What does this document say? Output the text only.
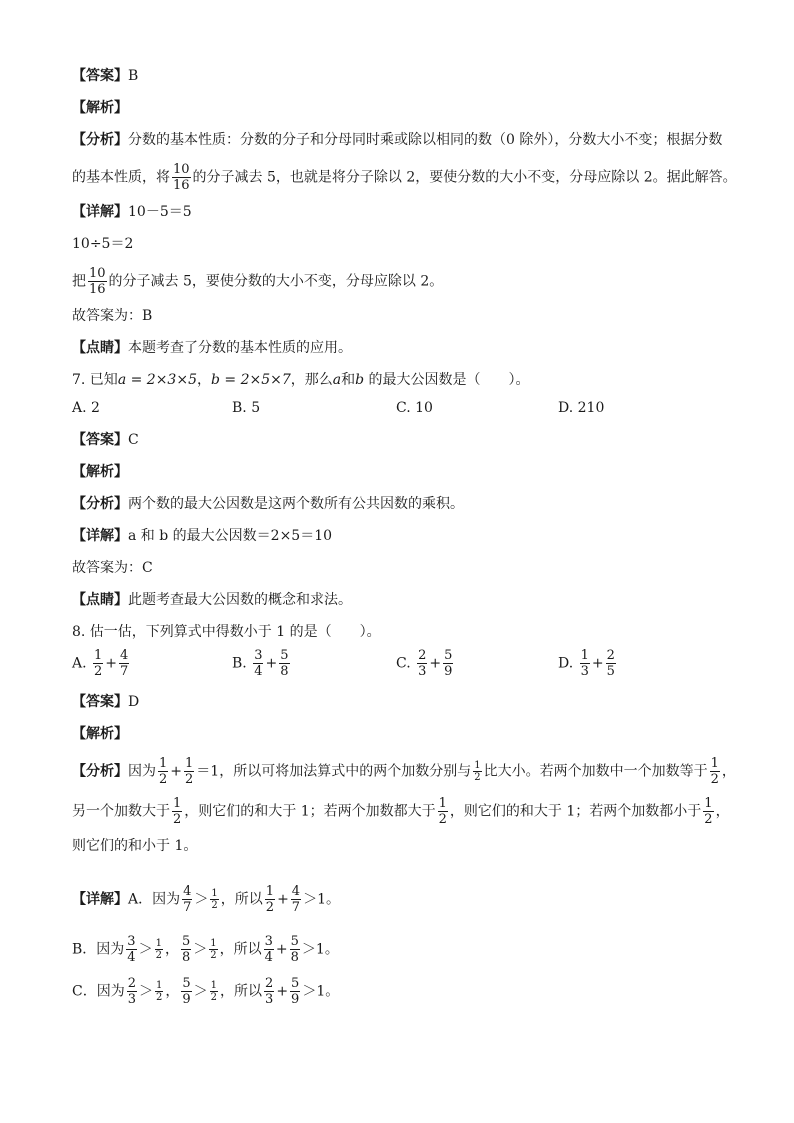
【答案】B
【解析】
【分析】分数的基本性质：分数的分子和分母同时乘或除以相同的数（0 除外），分数大小不变；根据分数
的基本性质，将 $\frac{10}{16}$ 的分子减去 5，也就是将分子除以 2，要使分数的大小不变，分母应除以 2。据此解答。
【详解】10－5＝5
10÷5＝2
把 $\frac{10}{16}$ 的分子减去 5，要使分数的大小不变，分母应除以 2。
故答案为：B
【点睛】本题考查了分数的基本性质的应用。
7. 已知a = 2×3×5，b = 2×5×7，那么a和b 的最大公因数是（　　）。
A. 2	B. 5	C. 10	D. 210
【答案】C
【解析】
【分析】两个数的最大公因数是这两个数所有公共因数的乘积。
【详解】a 和 b 的最大公因数＝2×5＝10
故答案为：C
【点睛】此题考查最大公因数的概念和求法。
8. 估一估，下列算式中得数小于 1 的是（　　）。
A. $\frac{1}{2} + \frac{4}{7}$	B. $\frac{3}{4} + \frac{5}{8}$	C. $\frac{2}{3} + \frac{5}{9}$	D. $\frac{1}{3} + \frac{2}{5}$
【答案】D
【解析】
【分析】因为 $\frac{1}{2} + \frac{1}{2} =1$，所以可将加法算式中的两个加数分别与 $\frac{1}{2}$ 比大小。若两个加数中一个加数等于 $\frac{1}{2}$ ，
另一个加数大于 $\frac{1}{2}$ ，则它们的和大于 1；若两个加数都大于 $\frac{1}{2}$ ，则它们的和大于 1；若两个加数都小于 $\frac{1}{2}$ ，
则它们的和小于 1。
【详解】A．因为 $\frac{4}{7} > \frac{1}{2}$ ，所以 $\frac{1}{2} + \frac{4}{7} >1$。
B．因为 $\frac{3}{4} > \frac{1}{2}$ ， $\frac{5}{8} > \frac{1}{2}$ ，所以 $\frac{3}{4} + \frac{5}{8} >1$。
C．因为 $\frac{2}{3} > \frac{1}{2}$ ， $\frac{5}{9} > \frac{1}{2}$ ，所以 $\frac{2}{3} + \frac{5}{9} >1$。
